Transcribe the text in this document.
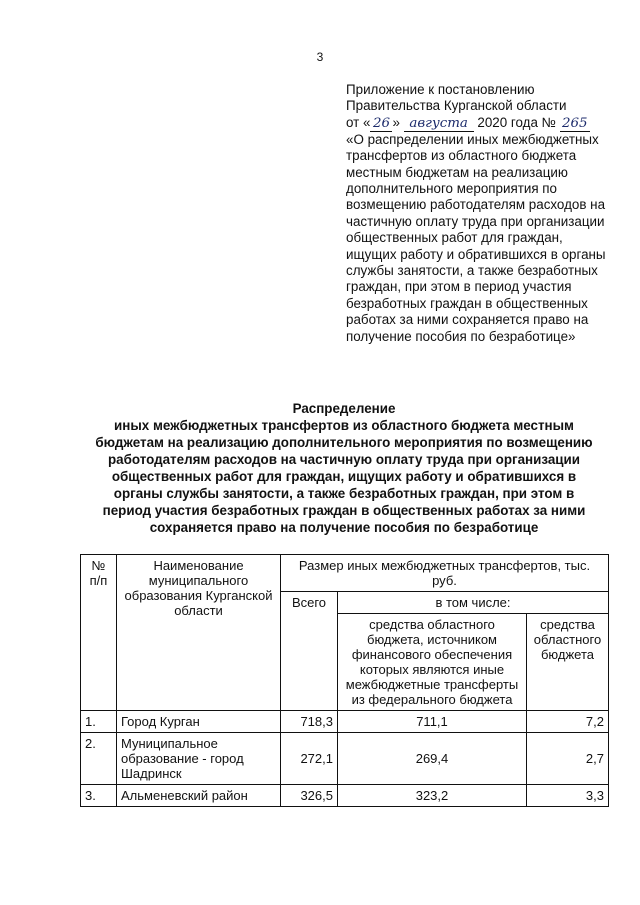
3
Приложение к постановлению
Правительства Курганской области
от « 26 » августа 2020 года № 265
«О распределении иных межбюджетных трансфертов из областного бюджета местным бюджетам на реализацию дополнительного мероприятия по возмещению работодателям расходов на частичную оплату труда при организации общественных работ для граждан, ищущих работу и обратившихся в органы службы занятости, а также безработных граждан, при этом в период участия безработных граждан в общественных работах за ними сохраняется право на получение пособия по безработице»
Распределение
иных межбюджетных трансфертов из областного бюджета местным
бюджетам на реализацию дополнительного мероприятия по возмещению
работодателям расходов на частичную оплату труда при организации
общественных работ для граждан, ищущих работу и обратившихся в
органы службы занятости, а также безработных граждан, при этом в
период участия безработных граждан в общественных работах за ними
сохраняется право на получение пособия по безработице
№ п/п	Наименование муниципального образования Курганской области	Размер иных межбюджетных трансфертов, тыс. руб.		
		Всего	в том числе:	
			средства областного бюджета, источником финансового обеспечения которых являются иные межбюджетные трансферты из федерального бюджета	средства областного бюджета
1.	Город Курган	718,3	711,1	7,2
2.	Муниципальное образование - город Шадринск	272,1	269,4	2,7
3.	Альменевский район	326,5	323,2	3,3
